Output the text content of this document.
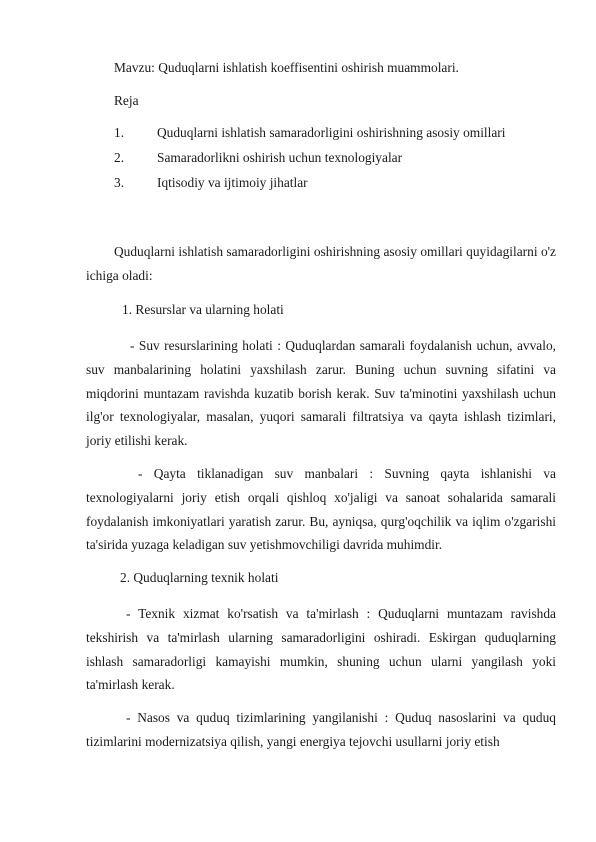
Mavzu: Quduqlarni ishlatish koeffisentini oshirish muammolari.
Reja
1. Quduqlarni ishlatish samaradorligini oshirishning asosiy omillari
2. Samaradorlikni oshirish uchun texnologiyalar
3. Iqtisodiy va ijtimoiy jihatlar

Quduqlarni ishlatish samaradorligini oshirishning asosiy omillari quyidagilarni o'z ichiga oladi:

1. Resurslar va ularning holati

- Suv resurslarining holati : Quduqlardan samarali foydalanish uchun, avvalo, suv manbalarining holatini yaxshilash zarur. Buning uchun suvning sifatini va miqdorini muntazam ravishda kuzatib borish kerak. Suv ta'minotini yaxshilash uchun ilg'or texnologiyalar, masalan, yuqori samarali filtratsiya va qayta ishlash tizimlari, joriy etilishi kerak.

- Qayta tiklanadigan suv manbalari : Suvning qayta ishlanishi va texnologiyalarni joriy etish orqali qishloq xo'jaligi va sanoat sohalarida samarali foydalanish imkoniyatlari yaratish zarur. Bu, ayniqsa, qurg'oqchilik va iqlim o'zgarishi ta'sirida yuzaga keladigan suv yetishmovchiligi davrida muhimdir.

2. Quduqlarning texnik holati

- Texnik xizmat ko'rsatish va ta'mirlash : Quduqlarni muntazam ravishda tekshirish va ta'mirlash ularning samaradorligini oshiradi. Eskirgan quduqlarning ishlash samaradorligi kamayishi mumkin, shuning uchun ularni yangilash yoki ta'mirlash kerak.

- Nasos va quduq tizimlarining yangilanishi : Quduq nasoslarini va quduq tizimlarini modernizatsiya qilish, yangi energiya tejovchi usullarni joriy etish
